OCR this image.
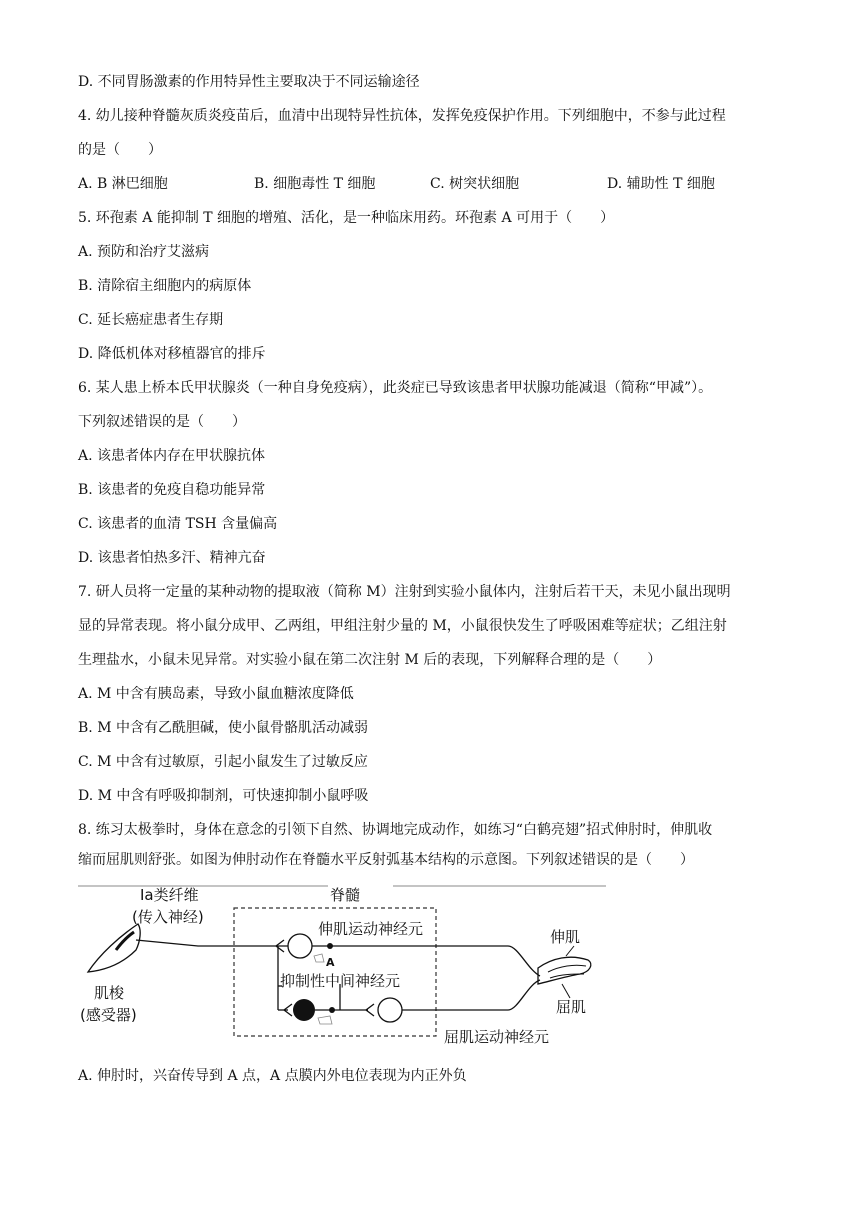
D. 不同胃肠激素的作用特异性主要取决于不同运输途径
4. 幼儿接种脊髓灰质炎疫苗后，血清中出现特异性抗体，发挥免疫保护作用。下列细胞中，不参与此过程
的是（　　）
A. B 淋巴细胞	B. 细胞毒性 T 细胞	C. 树突状细胞	D. 辅助性 T 细胞
5. 环孢素 A 能抑制 T 细胞的增殖、活化，是一种临床用药。环孢素 A 可用于（　　）
A. 预防和治疗艾滋病
B. 清除宿主细胞内的病原体
C. 延长癌症患者生存期
D. 降低机体对移植器官的排斥
6. 某人患上桥本氏甲状腺炎（一种自身免疫病），此炎症已导致该患者甲状腺功能减退（简称“甲减”）。
下列叙述错误的是（　　）
A. 该患者体内存在甲状腺抗体
B. 该患者的免疫自稳功能异常
C. 该患者的血清 TSH 含量偏高
D. 该患者怕热多汗、精神亢奋
7. 研人员将一定量的某种动物的提取液（简称 M）注射到实验小鼠体内，注射后若干天，未见小鼠出现明
显的异常表现。将小鼠分成甲、乙两组，甲组注射少量的 M，小鼠很快发生了呼吸困难等症状；乙组注射
生理盐水，小鼠未见异常。对实验小鼠在第二次注射 M 后的表现，下列解释合理的是（　　）
A. M 中含有胰岛素，导致小鼠血糖浓度降低
B. M 中含有乙酰胆碱，使小鼠骨骼肌活动减弱
C. M 中含有过敏原，引起小鼠发生了过敏反应
D. M 中含有呼吸抑制剂，可快速抑制小鼠呼吸
8. 练习太极拳时，身体在意念的引领下自然、协调地完成动作，如练习“白鹤亮翅”招式伸肘时，伸肌收
缩而屈肌则舒张。如图为伸肘动作在脊髓水平反射弧基本结构的示意图。下列叙述错误的是（　　）
A
Ia类纤维
(传入神经)
脊髓
伸肌运动神经元
抑制性中间神经元
肌梭
(感受器)
伸肌
屈肌
屈肌运动神经元
A. 伸肘时，兴奋传导到 A 点，A 点膜内外电位表现为内正外负
